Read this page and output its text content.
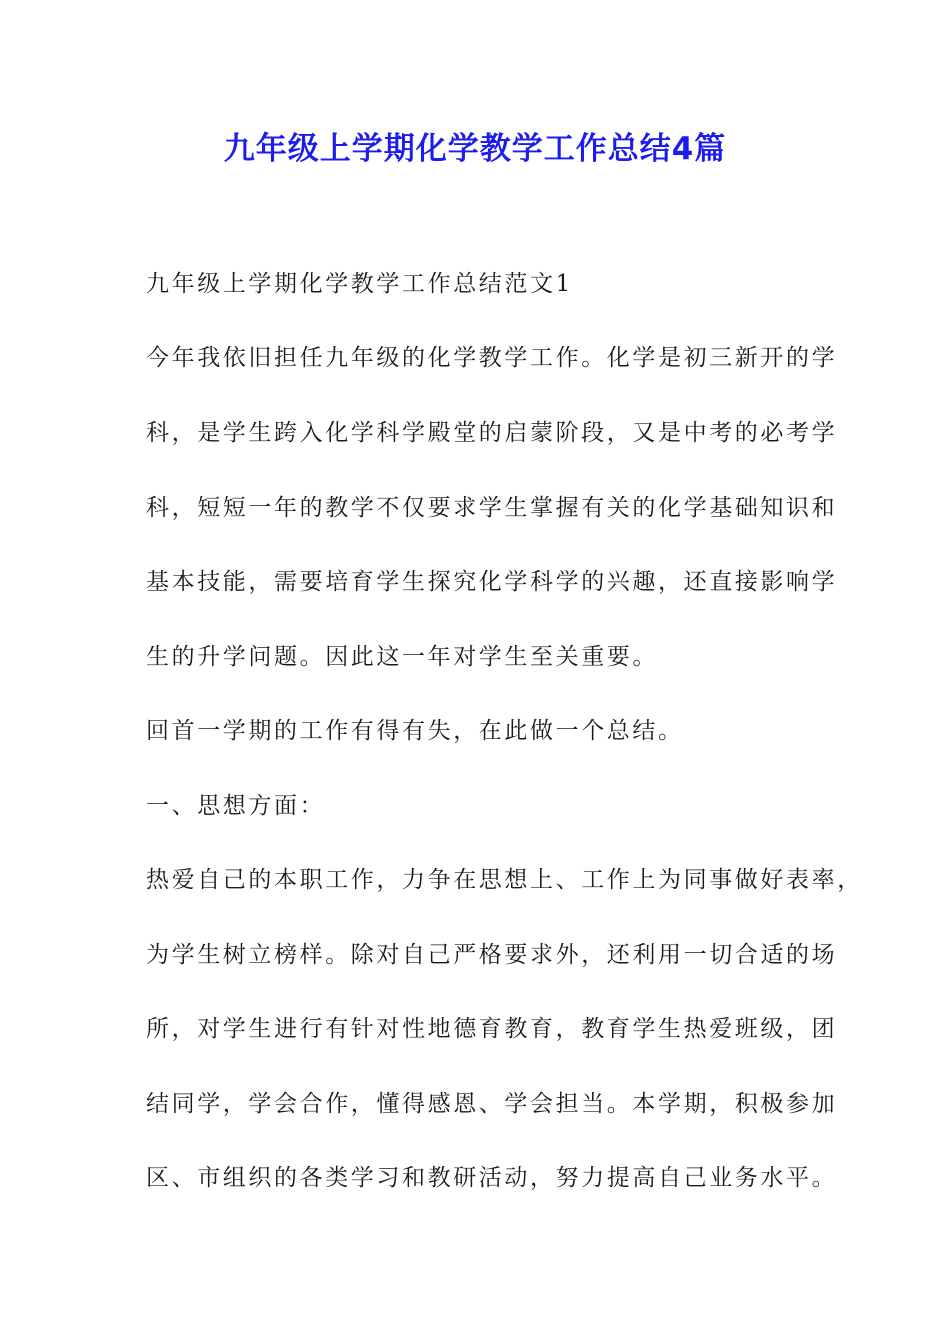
九年级上学期化学教学工作总结4篇
九年级上学期化学教学工作总结范文1
今年我依旧担任九年级的化学教学工作。化学是初三新开的学
科，是学生跨入化学科学殿堂的启蒙阶段，又是中考的必考学
科，短短一年的教学不仅要求学生掌握有关的化学基础知识和
基本技能，需要培育学生探究化学科学的兴趣，还直接影响学
生的升学问题。因此这一年对学生至关重要。
回首一学期的工作有得有失，在此做一个总结。
一、思想方面：
热爱自己的本职工作，力争在思想上、工作上为同事做好表率，
为学生树立榜样。除对自己严格要求外，还利用一切合适的场
所，对学生进行有针对性地德育教育，教育学生热爱班级，团
结同学，学会合作，懂得感恩、学会担当。本学期，积极参加
区、市组织的各类学习和教研活动，努力提高自己业务水平。
